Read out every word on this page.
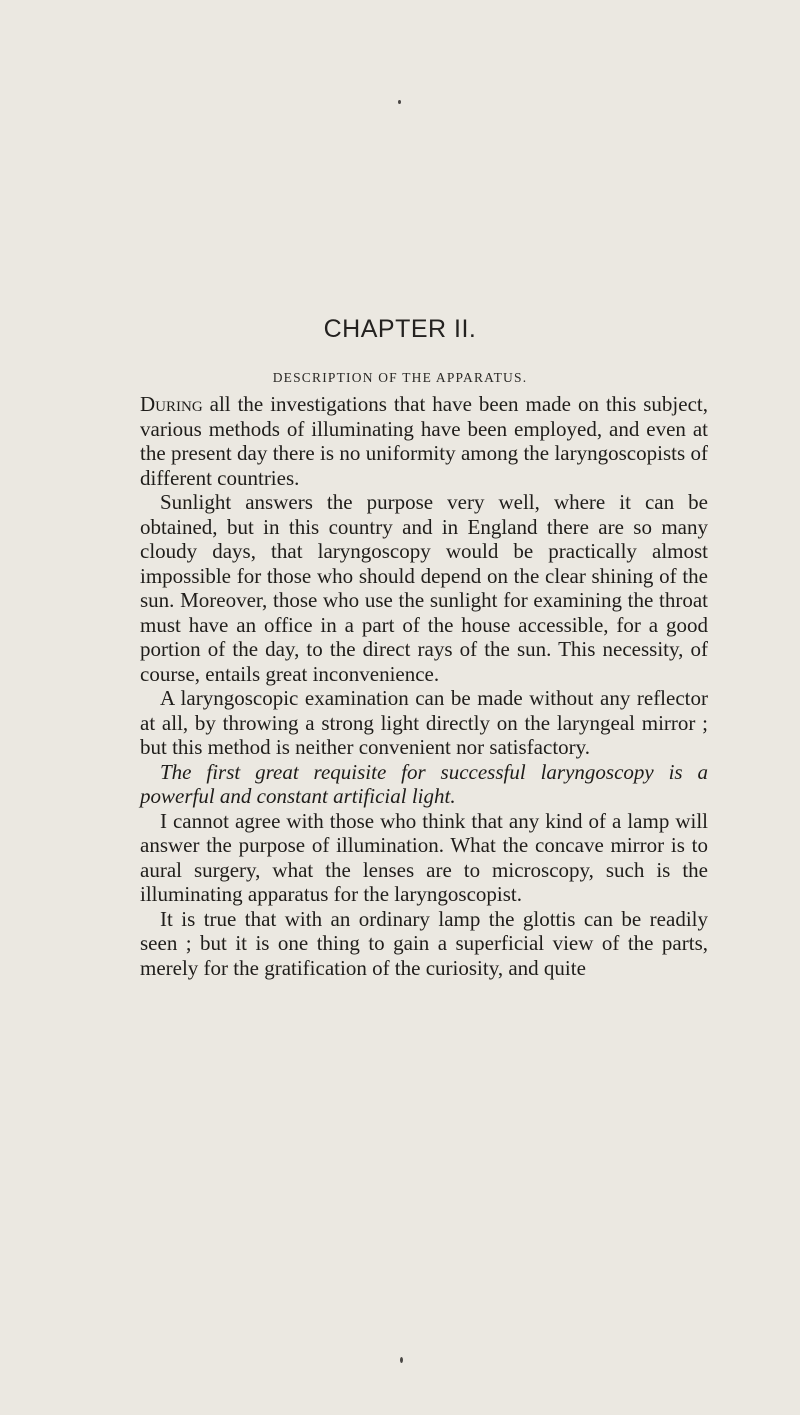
CHAPTER II.
DESCRIPTION OF THE APPARATUS.

During all the investigations that have been made on this subject, various methods of illuminating have been employed, and even at the present day there is no uniformity among the laryngoscopists of different countries.

Sunlight answers the purpose very well, where it can be obtained, but in this country and in England there are so many cloudy days, that laryngoscopy would be practically almost impossible for those who should depend on the clear shining of the sun. Moreover, those who use the sunlight for examining the throat must have an office in a part of the house accessible, for a good portion of the day, to the direct rays of the sun. This necessity, of course, entails great inconvenience.

A laryngoscopic examination can be made without any reflector at all, by throwing a strong light directly on the laryngeal mirror ; but this method is neither convenient nor satisfactory.

The first great requisite for successful laryngoscopy is a powerful and constant artificial light.

I cannot agree with those who think that any kind of a lamp will answer the purpose of illumination. What the concave mirror is to aural surgery, what the lenses are to microscopy, such is the illuminating apparatus for the laryngoscopist.

It is true that with an ordinary lamp the glottis can be readily seen ; but it is one thing to gain a superficial view of the parts, merely for the gratification of the curiosity, and quite
